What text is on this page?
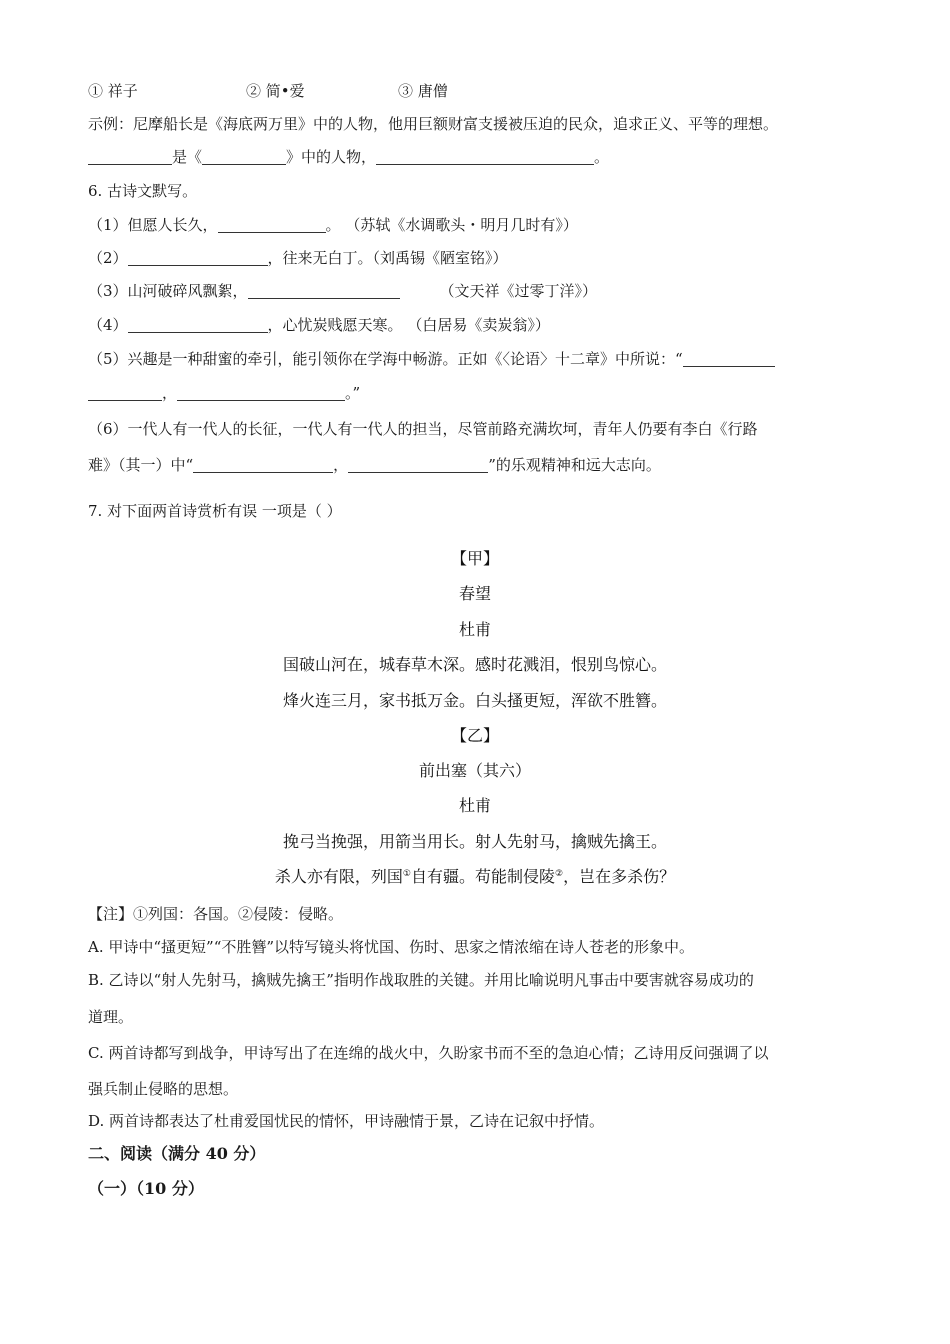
① 祥子	② 简•爱	③ 唐僧
示例：尼摩船长是《海底两万里》中的人物，他用巨额财富支援被压迫的民众，追求正义、平等的理想。
是《	》中的人物，	。
6. 古诗文默写。
（1）但愿人长久，	。 （苏轼《水调歌头・明月几时有》）
（2）	，往来无白丁。（刘禹锡《陋室铭》）
（3）山河破碎风飘絮，	（文天祥《过零丁洋》）
（4）	，心忧炭贱愿天寒。 （白居易《卖炭翁》）
（5）兴趣是一种甜蜜的牵引，能引领你在学海中畅游。正如《〈论语〉十二章》中所说：“
，	。”
（6）一代人有一代人的长征，一代人有一代人的担当，尽管前路充满坎坷，青年人仍要有李白《行路
难》（其一）中“	，	”的乐观精神和远大志向。
7. 对下面两首诗赏析有误 一项是（ ）
【甲】
春望
杜甫
国破山河在，城春草木深。感时花溅泪，恨别鸟惊心。
烽火连三月，家书抵万金。白头搔更短，浑欲不胜簪。
【乙】
前出塞（其六）
杜甫
挽弓当挽强，用箭当用长。射人先射马，擒贼先擒王。
杀人亦有限，列国①自有疆。苟能制侵陵②，岂在多杀伤？
【注】①列国：各国。②侵陵：侵略。
A. 甲诗中“搔更短”“不胜簪”以特写镜头将忧国、伤时、思家之情浓缩在诗人苍老的形象中。
B. 乙诗以“射人先射马，擒贼先擒王”指明作战取胜的关键。并用比喻说明凡事击中要害就容易成功的
道理。
C. 两首诗都写到战争，甲诗写出了在连绵的战火中，久盼家书而不至的急迫心情；乙诗用反问强调了以
强兵制止侵略的思想。
D. 两首诗都表达了杜甫爱国忧民的情怀，甲诗融情于景，乙诗在记叙中抒情。
二、阅读（满分 40 分）
（一）（10 分）
